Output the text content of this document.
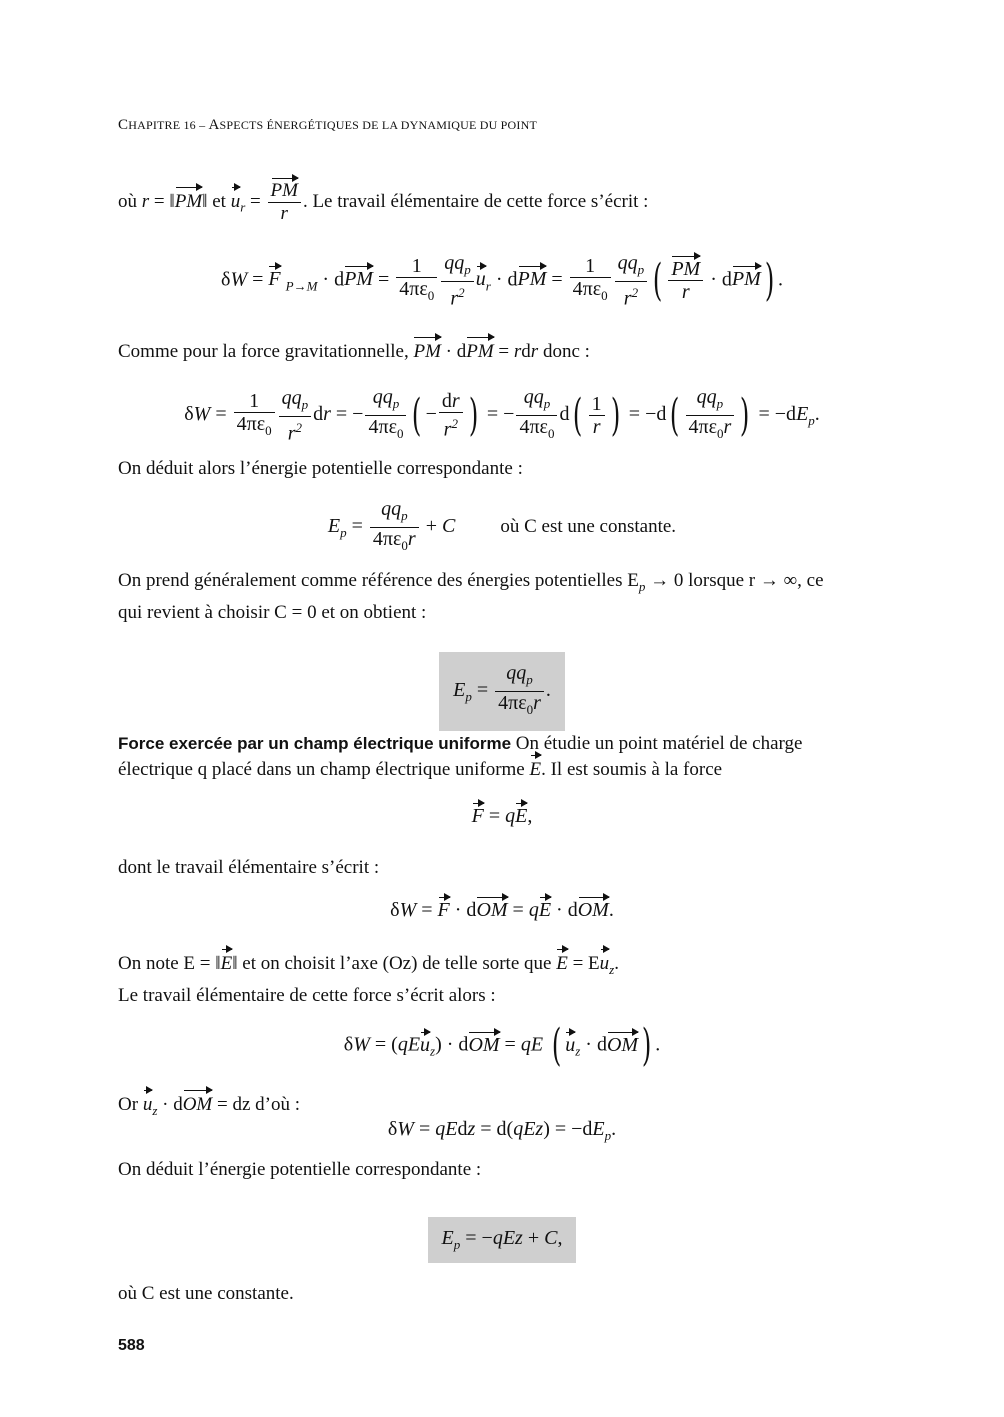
CHAPITRE 16 – ASPECTS ÉNERGÉTIQUES DE LA DYNAMIQUE DU POINT
où r = ‖PM‖ et $u_r = \frac{PM}{r}$ . Le travail élémentaire de cette force s’écrit :
δW = F $_{P\to M}$ · dPM = $\frac{1}{4\pi\varepsilon_0} \frac{qq_p}{r^2} u_r$ · dPM = $\frac{1}{4\pi\varepsilon_0} \frac{qq_p}{r^2}$ ( $\frac{PM}{r} \cdot dPM$) .
Comme pour la force gravitationnelle, PM · dPM = rdr donc :
$\delta W = \frac{1}{4\pi\varepsilon_0} \frac{qq_p}{r^2}$ dr = − $\frac{qq_p}{4\pi\varepsilon_0}$ ( − $\frac{dr}{r^2}$ ) = − $\frac{qq_p}{4\pi\varepsilon_0} d( \frac{1}{r}$ ) = $-d( \frac{qq_p}{4\pi\varepsilon_0r}$ ) = $-dE_p$.
On déduit alors l’énergie potentielle correspondante :
$E_p = \frac{qq_p}{4\pi\varepsilon_0r} + C$ où C est une constante.
On prend généralement comme référence des énergies potentielles $E_p \to 0$ lorsque r → ∞, ce
qui revient à choisir C = 0 et on obtient :
$E_p = \frac{qq_p}{4\pi\varepsilon_0r}$ .
Force exercée par un champ électrique uniforme On étudie un point matériel de charge
électrique q placé dans un champ électrique uniforme E. Il est soumis à la force
F = qE,
dont le travail élémentaire s’écrit :
δW = F · dOM = qE · dOM.
On note E = ‖E‖ et on choisit l’axe (Oz) de telle sorte que $E = Eu_z$.
Le travail élémentaire de cette force s’écrit alors :
δW = (qEu$_z$) · dOM = qE ( $u_z \cdot dOM$) .
Or $u_z$ · dOM = dz d’où :
δW = qEdz = $d(qEz) = -dE_p$.
On déduit l’énergie potentielle correspondante :
$E_p = -qEz + C$,
où C est une constante.
588
